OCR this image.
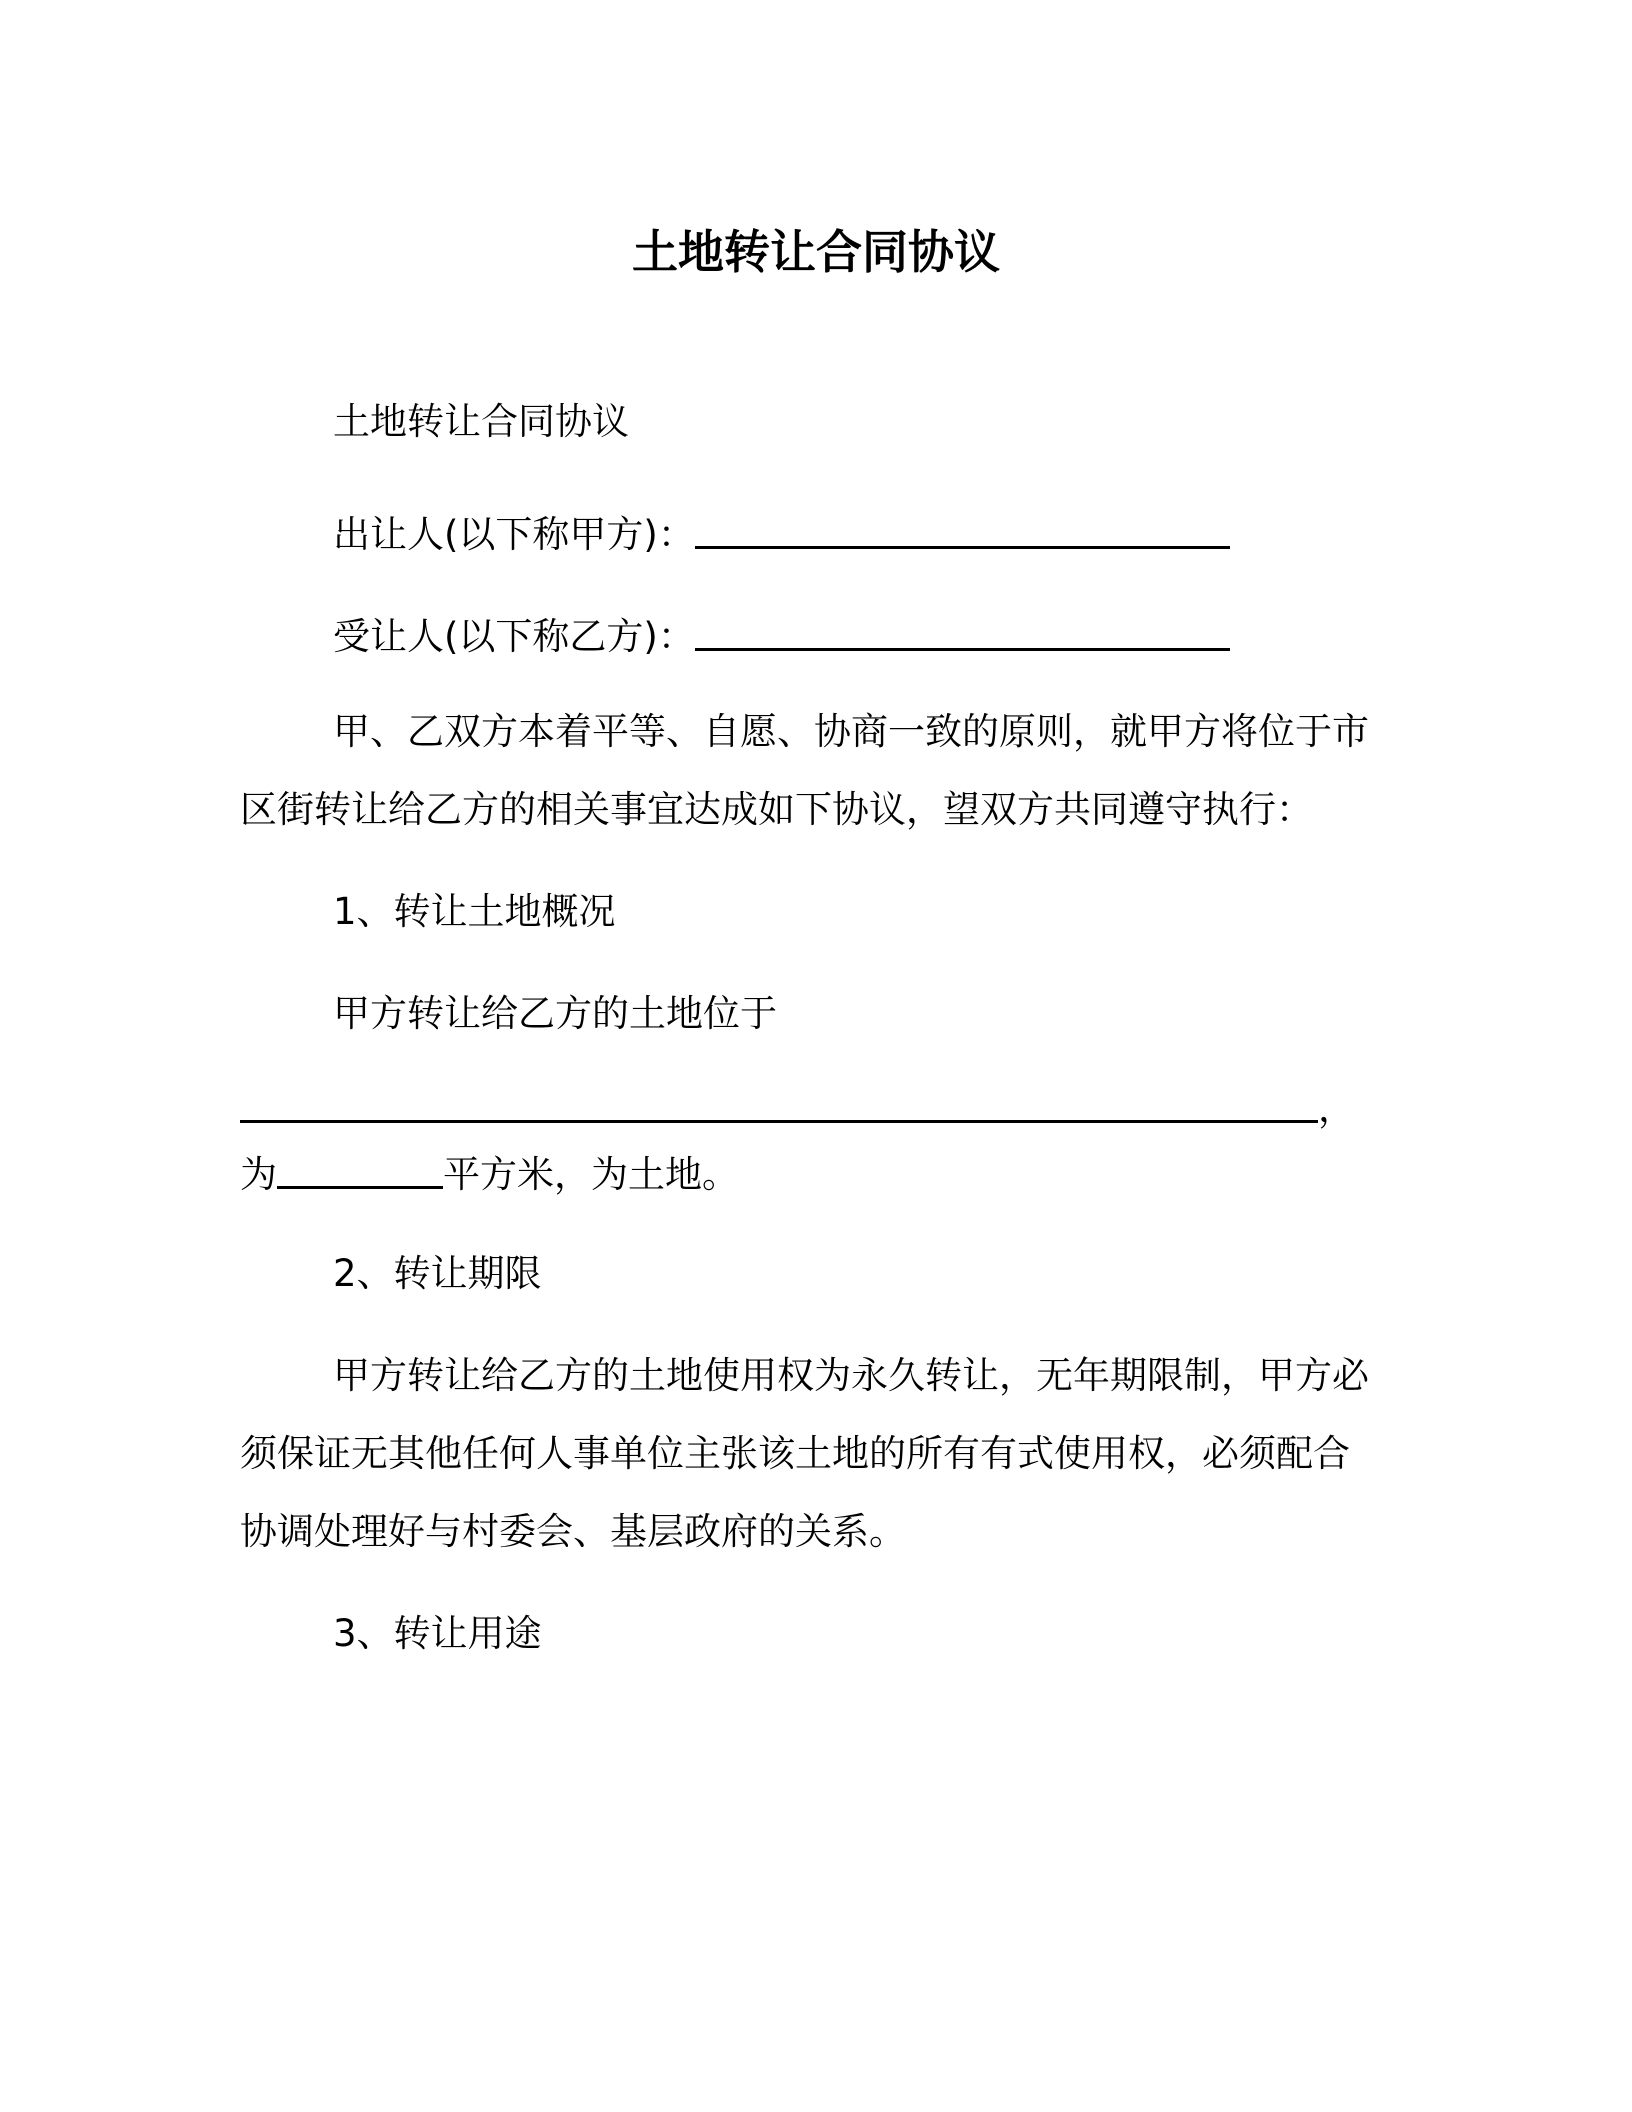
土地转让合同协议
土地转让合同协议
出让人(以下称甲方)：
受让人(以下称乙方)：
甲、乙双方本着平等、自愿、协商一致的原则，就甲方将位于市
区街转让给乙方的相关事宜达成如下协议，望双方共同遵守执行：
1、转让土地概况
甲方转让给乙方的土地位于
，
为	平方米，为土地。
2、转让期限
甲方转让给乙方的土地使用权为永久转让，无年期限制，甲方必
须保证无其他任何人事单位主张该土地的所有有式使用权，必须配合
协调处理好与村委会、基层政府的关系。
3、转让用途
